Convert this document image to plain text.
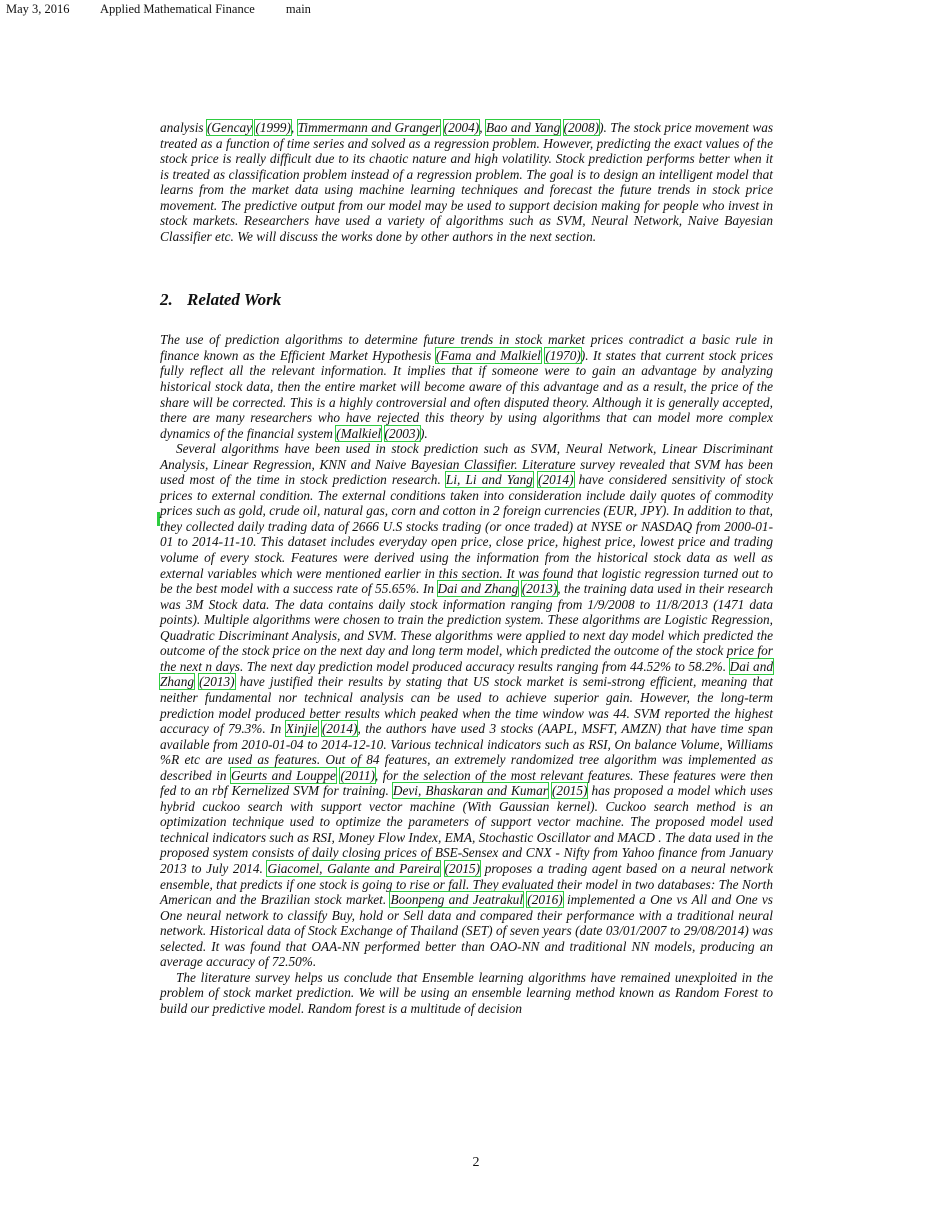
May 3, 2016 Applied Mathematical Finance main

analysis (Gencay (1999), Timmermann and Granger (2004), Bao and Yang (2008)). The stock price movement was treated as a function of time series and solved as a regression problem. However, predicting the exact values of the stock price is really difficult due to its chaotic nature and high volatility. Stock prediction performs better when it is treated as classification problem instead of a regression problem. The goal is to design an intelligent model that learns from the market data using machine learning techniques and forecast the future trends in stock price movement. The predictive output from our model may be used to support decision making for people who invest in stock markets. Researchers have used a variety of algorithms such as SVM, Neural Network, Naive Bayesian Classifier etc. We will discuss the works done by other authors in the next section.

2. Related Work

The use of prediction algorithms to determine future trends in stock market prices contradict a basic rule in finance known as the Efficient Market Hypothesis (Fama and Malkiel (1970)). It states that current stock prices fully reflect all the relevant information. It implies that if someone were to gain an advantage by analyzing historical stock data, then the entire market will become aware of this advantage and as a result, the price of the share will be corrected. This is a highly controversial and often disputed theory. Although it is generally accepted, there are many researchers who have rejected this theory by using algorithms that can model more complex dynamics of the financial system (Malkiel (2003)).

Several algorithms have been used in stock prediction such as SVM, Neural Network, Linear Discriminant Analysis, Linear Regression, KNN and Naive Bayesian Classifier. Literature survey revealed that SVM has been used most of the time in stock prediction research. Li, Li and Yang (2014) have considered sensitivity of stock prices to external condition. The external conditions taken into consideration include daily quotes of commodity prices such as gold, crude oil, natural gas, corn and cotton in 2 foreign currencies (EUR, JPY). In addition to that, they collected daily trading data of 2666 U.S stocks trading (or once traded) at NYSE or NASDAQ from 2000-01-01 to 2014-11-10. This dataset includes everyday open price, close price, highest price, lowest price and trading volume of every stock. Features were derived using the information from the historical stock data as well as external variables which were mentioned earlier in this section. It was found that logistic regression turned out to be the best model with a success rate of 55.65%. In Dai and Zhang (2013), the training data used in their research was 3M Stock data. The data contains daily stock information ranging from 1/9/2008 to 11/8/2013 (1471 data points). Multiple algorithms were chosen to train the prediction system. These algorithms are Logistic Regression, Quadratic Discriminant Analysis, and SVM. These algorithms were applied to next day model which predicted the outcome of the stock price on the next day and long term model, which predicted the outcome of the stock price for the next n days. The next day prediction model produced accuracy results ranging from 44.52% to 58.2%. Dai and Zhang (2013) have justified their results by stating that US stock market is semi-strong efficient, meaning that neither fundamental nor technical analysis can be used to achieve superior gain. However, the long-term prediction model produced better results which peaked when the time window was 44. SVM reported the highest accuracy of 79.3%. In Xinjie (2014), the authors have used 3 stocks (AAPL, MSFT, AMZN) that have time span available from 2010-01-04 to 2014-12-10. Various technical indicators such as RSI, On balance Volume, Williams %R etc are used as features. Out of 84 features, an extremely randomized tree algorithm was implemented as described in Geurts and Louppe (2011), for the selection of the most relevant features. These features were then fed to an rbf Kernelized SVM for training. Devi, Bhaskaran and Kumar (2015) has proposed a model which uses hybrid cuckoo search with support vector machine (With Gaussian kernel). Cuckoo search method is an optimization technique used to optimize the parameters of support vector machine. The proposed model used technical indicators such as RSI, Money Flow Index, EMA, Stochastic Oscillator and MACD . The data used in the proposed system consists of daily closing prices of BSE-Sensex and CNX - Nifty from Yahoo finance from January 2013 to July 2014. Giacomel, Galante and Pareira (2015) proposes a trading agent based on a neural network ensemble, that predicts if one stock is going to rise or fall. They evaluated their model in two databases: The North American and the Brazilian stock market. Boonpeng and Jeatrakul (2016) implemented a One vs All and One vs One neural network to classify Buy, hold or Sell data and compared their performance with a traditional neural network. Historical data of Stock Exchange of Thailand (SET) of seven years (date 03/01/2007 to 29/08/2014) was selected. It was found that OAA-NN performed better than OAO-NN and traditional NN models, producing an average accuracy of 72.50%.

The literature survey helps us conclude that Ensemble learning algorithms have remained unexploited in the problem of stock market prediction. We will be using an ensemble learning method known as Random Forest to build our predictive model. Random forest is a multitude of decision

2
